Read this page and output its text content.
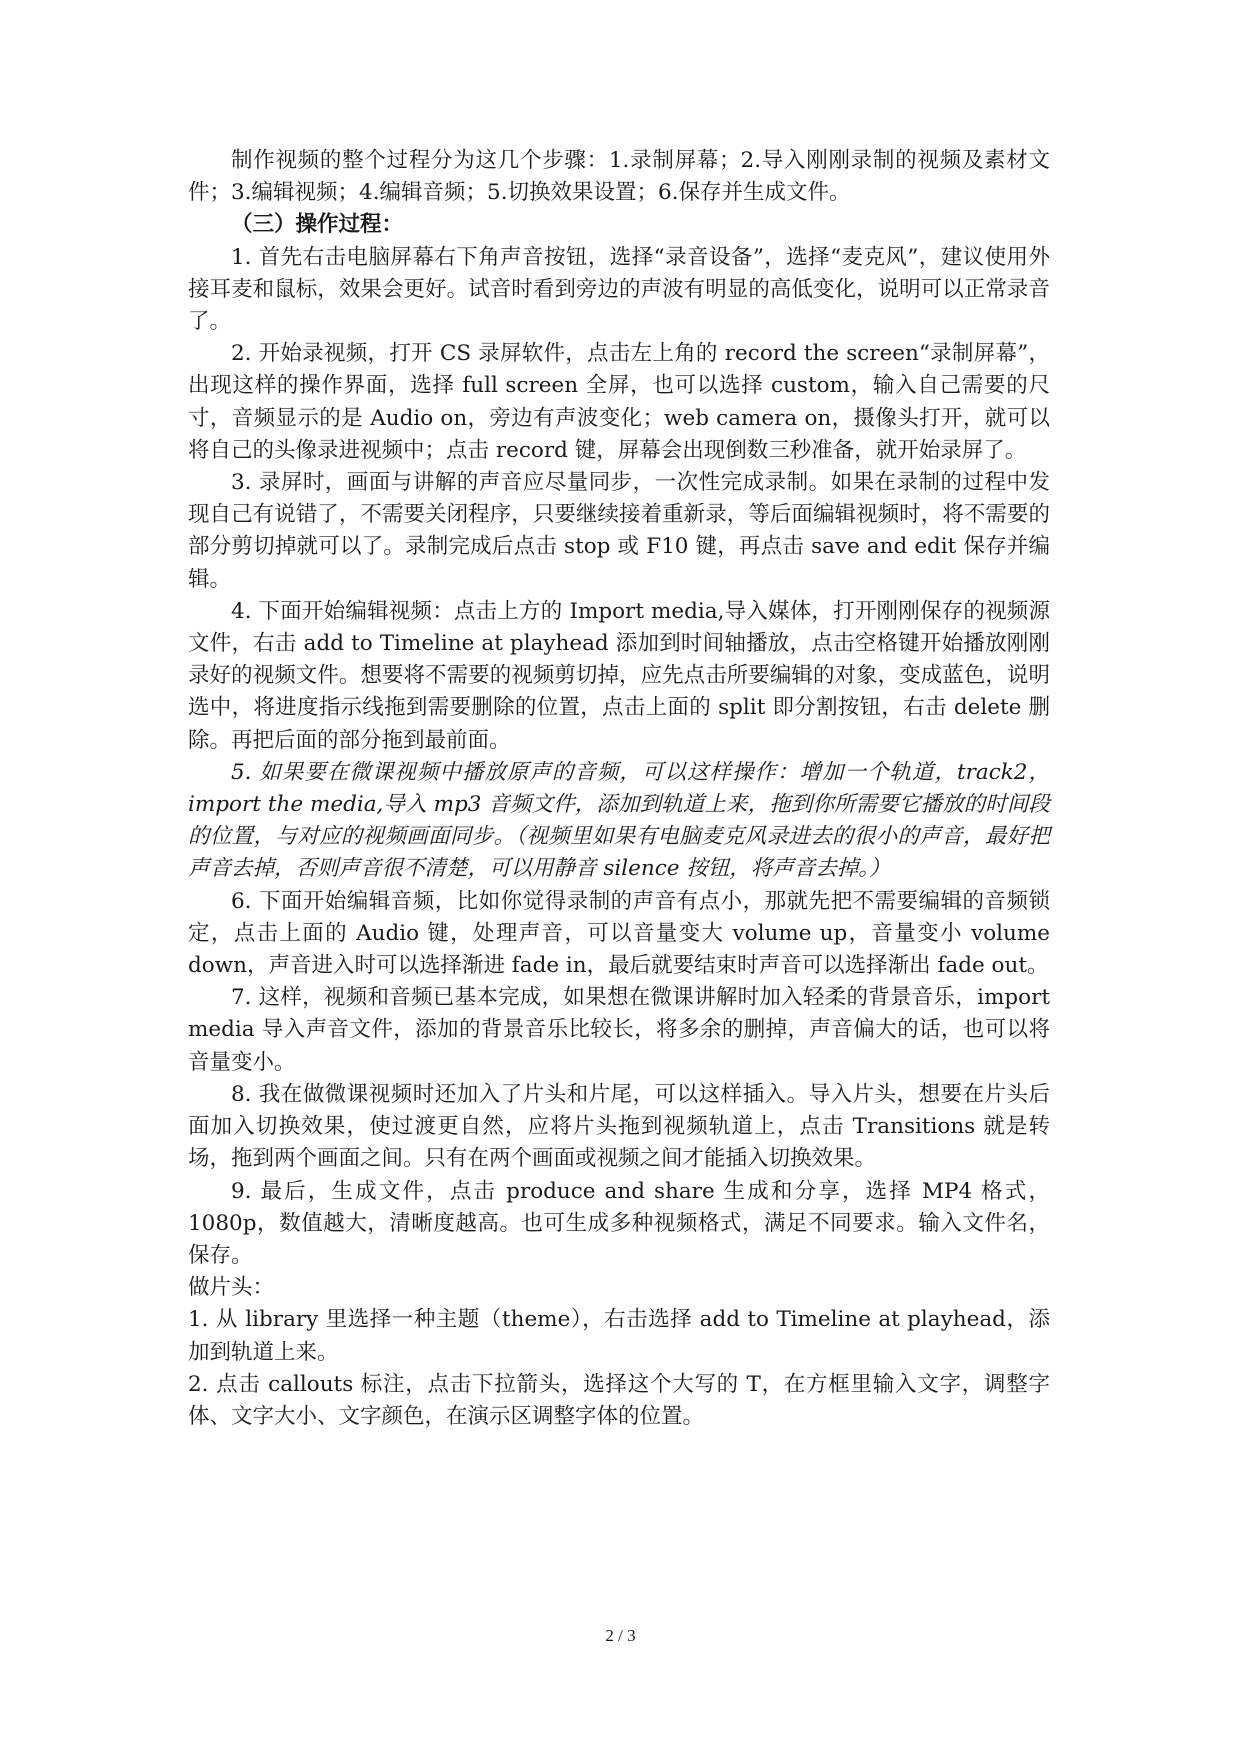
制作视频的整个过程分为这几个步骤：1.录制屏幕；2.导入刚刚录制的视频及素材文件；3.编辑视频；4.编辑音频；5.切换效果设置；6.保存并生成文件。

（三）操作过程：

1. 首先右击电脑屏幕右下角声音按钮，选择“录音设备”，选择“麦克风”，建议使用外接耳麦和鼠标，效果会更好。试音时看到旁边的声波有明显的高低变化，说明可以正常录音了。

2. 开始录视频，打开 CS 录屏软件，点击左上角的 record the screen“录制屏幕”，出现这样的操作界面，选择 full screen 全屏，也可以选择 custom，输入自己需要的尺寸，音频显示的是 Audio on，旁边有声波变化；web camera on，摄像头打开，就可以将自己的头像录进视频中；点击 record 键，屏幕会出现倒数三秒准备，就开始录屏了。

3. 录屏时，画面与讲解的声音应尽量同步，一次性完成录制。如果在录制的过程中发现自己有说错了，不需要关闭程序，只要继续接着重新录，等后面编辑视频时，将不需要的部分剪切掉就可以了。录制完成后点击 stop 或 F10 键，再点击 save and edit 保存并编辑。

4. 下面开始编辑视频：点击上方的 Import media,导入媒体，打开刚刚保存的视频源文件，右击 add to Timeline at playhead 添加到时间轴播放，点击空格键开始播放刚刚录好的视频文件。想要将不需要的视频剪切掉，应先点击所要编辑的对象，变成蓝色，说明选中，将进度指示线拖到需要删除的位置，点击上面的 split 即分割按钮，右击 delete 删除。再把后面的部分拖到最前面。

5. 如果要在微课视频中播放原声的音频，可以这样操作：增加一个轨道，track2，import the media,导入 mp3 音频文件，添加到轨道上来，拖到你所需要它播放的时间段的位置，与对应的视频画面同步。（视频里如果有电脑麦克风录进去的很小的声音，最好把声音去掉，否则声音很不清楚，可以用静音 silence 按钮，将声音去掉。）

6. 下面开始编辑音频，比如你觉得录制的声音有点小，那就先把不需要编辑的音频锁定，点击上面的 Audio 键，处理声音，可以音量变大 volume up，音量变小 volume down，声音进入时可以选择渐进 fade in，最后就要结束时声音可以选择渐出 fade out。

7. 这样，视频和音频已基本完成，如果想在微课讲解时加入轻柔的背景音乐，import media 导入声音文件，添加的背景音乐比较长，将多余的删掉，声音偏大的话，也可以将音量变小。

8. 我在做微课视频时还加入了片头和片尾，可以这样插入。导入片头，想要在片头后面加入切换效果，使过渡更自然，应将片头拖到视频轨道上，点击 Transitions 就是转场，拖到两个画面之间。只有在两个画面或视频之间才能插入切换效果。

9. 最后，生成文件，点击 produce and share 生成和分享，选择 MP4 格式，1080p，数值越大，清晰度越高。也可生成多种视频格式，满足不同要求。输入文件名，保存。

做片头：

1. 从 library 里选择一种主题（theme），右击选择 add to Timeline at playhead，添加到轨道上来。

2. 点击 callouts 标注，点击下拉箭头，选择这个大写的 T，在方框里输入文字，调整字体、文字大小、文字颜色，在演示区调整字体的位置。

2 / 3
